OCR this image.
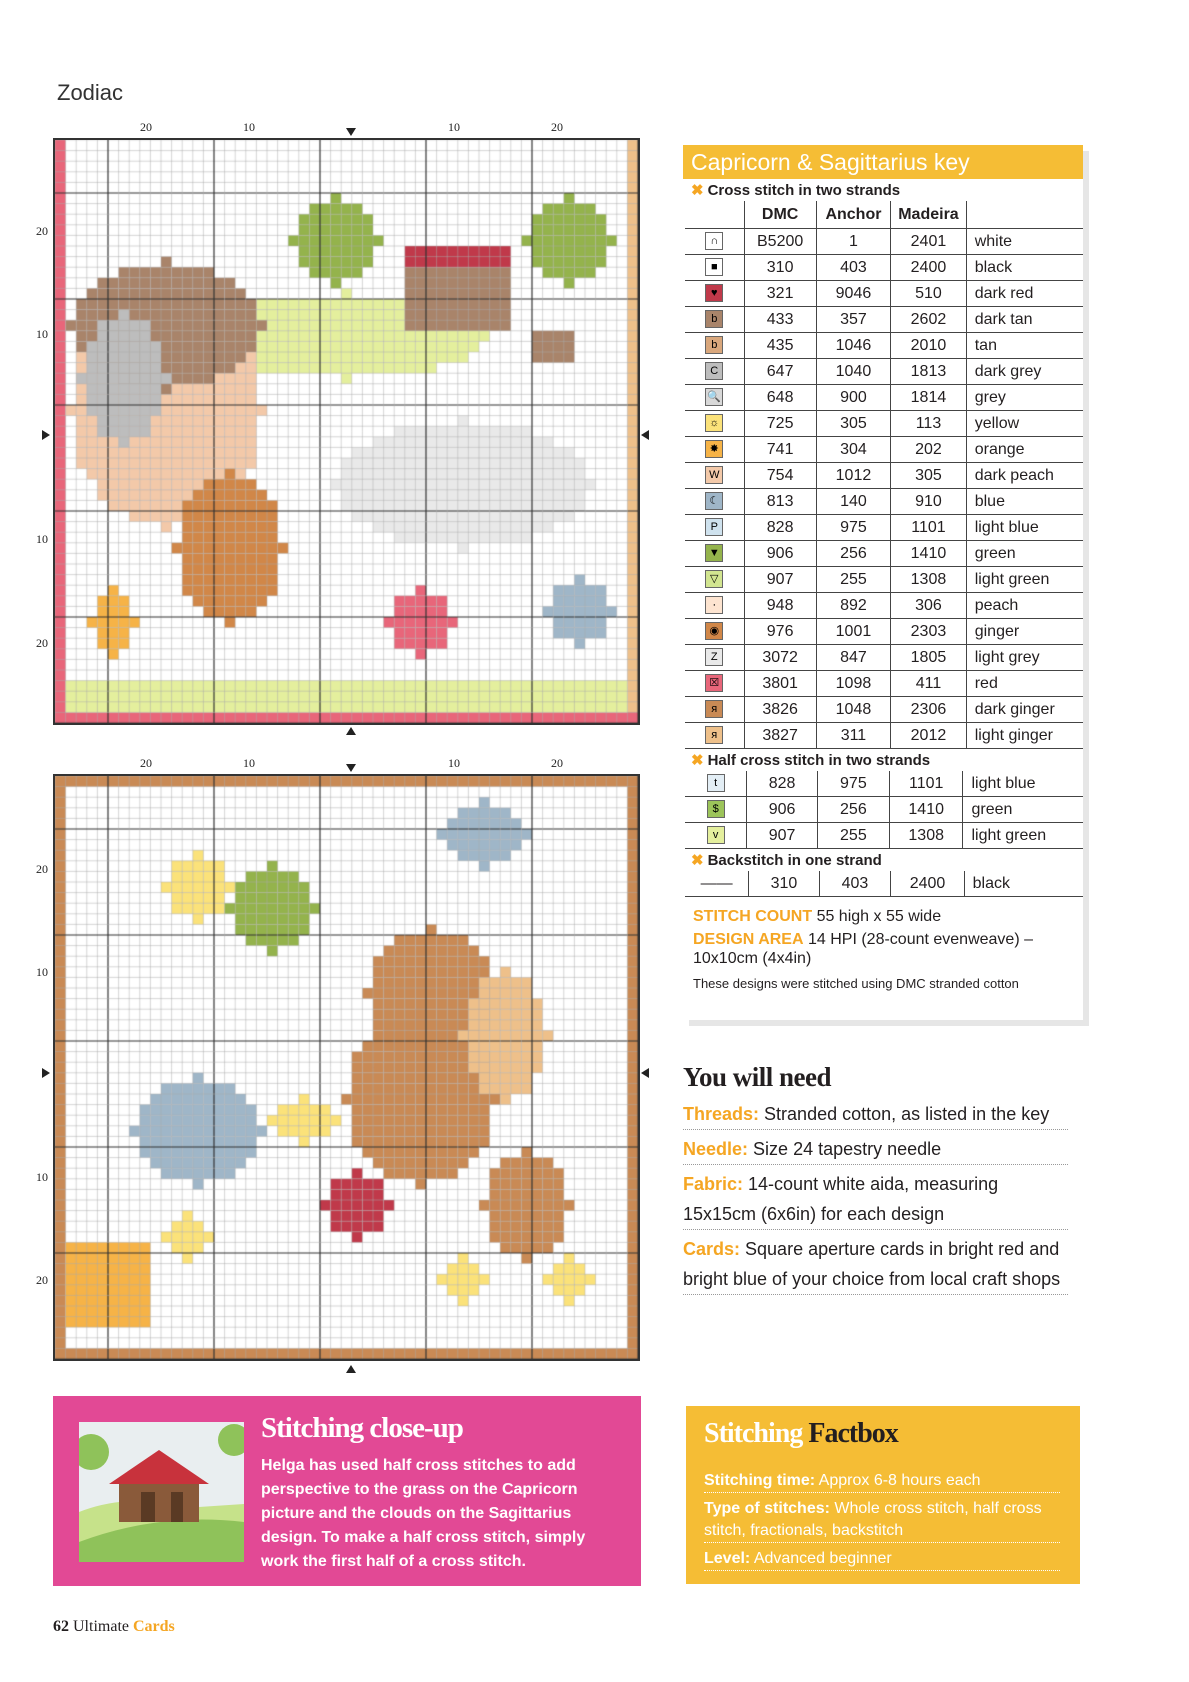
Zodiac
20	10	10	20
20
10
10
20
20	10	10	20
20
10
10
20
Capricorn & Sagittarius key
✖ Cross stitch in two strands
	DMC	Anchor	Madeira	
∩	B5200	1	2401	white
■	310	403	2400	black
♥	321	9046	510	dark red
b	433	357	2602	dark tan
b	435	1046	2010	tan
C	647	1040	1813	dark grey
🔍	648	900	1814	grey
☼	725	305	113	yellow
✸	741	304	202	orange
W	754	1012	305	dark peach
☾	813	140	910	blue
P	828	975	1101	light blue
▼	906	256	1410	green
▽	907	255	1308	light green
٠	948	892	306	peach
◉	976	1001	2303	ginger
Z	3072	847	1805	light grey
☒	3801	1098	411	red
ᴙ	3826	1048	2306	dark ginger
ᴙ	3827	311	2012	light ginger
✖ Half cross stitch in two strands
t	828	975	1101	light blue
$	906	256	1410	green
v	907	255	1308	light green
✖ Backstitch in one strand
——	310	403	2400	black
STITCH COUNT 55 high x 55 wide
DESIGN AREA 14 HPI (28-count evenweave) – 10x10cm (4x4in)
These designs were stitched using DMC stranded cotton
You will need
Threads: Stranded cotton, as listed in the key
Needle: Size 24 tapestry needle
Fabric: 14-count white aida, measuring 15x15cm (6x6in) for each design
Cards: Square aperture cards in bright red and bright blue of your choice from local craft shops
Stitching close-up

Helga has used half cross stitches to add perspective to the grass on the Capricorn picture and the clouds on the Sagittarius design. To make a half cross stitch, simply work the first half of a cross stitch.

Stitching Factbox
Stitching time: Approx 6-8 hours each
Type of stitches: Whole cross stitch, half cross stitch, fractionals, backstitch
Level: Advanced beginner
62 Ultimate Cards
